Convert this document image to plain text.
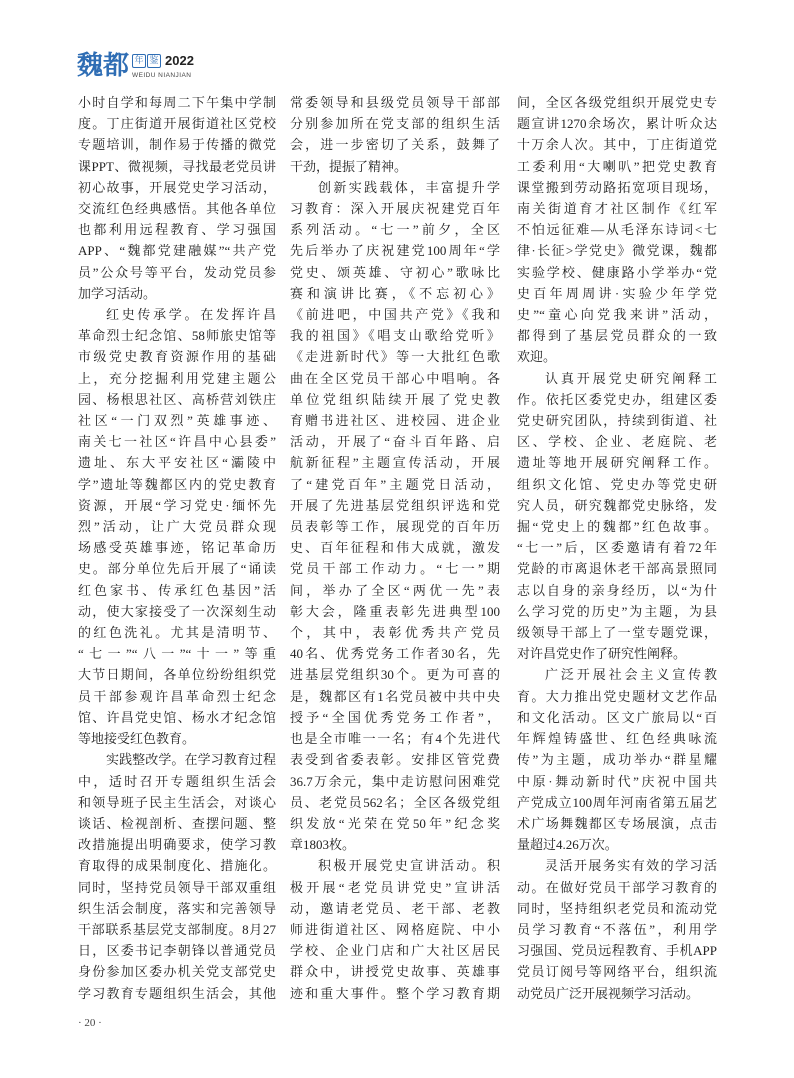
魏都 年 鉴 2022
WEIDU NIANJIAN
小时自学和每周二下午集中学制
度。丁庄街道开展街道社区党校
专题培训，制作易于传播的微党
课PPT、微视频，寻找最老党员讲
初心故事，开展党史学习活动，
交流红色经典感悟。其他各单位
也都利用远程教育、学习强国
APP、“魏都党建融媒”“共产党
员”公众号等平台，发动党员参
加学习活动。
红史传承学。在发挥许昌
革命烈士纪念馆、58师旅史馆等
市级党史教育资源作用的基础
上，充分挖掘利用党建主题公
园、杨根思社区、高桥营刘铁庄
社区“一门双烈”英雄事迹、
南关七一社区“许昌中心县委”
遗址、东大平安社区“灞陵中
学”遗址等魏都区内的党史教育
资源，开展“学习党史·缅怀先
烈”活动，让广大党员群众现
场感受英雄事迹，铭记革命历
史。部分单位先后开展了“诵读
红色家书、传承红色基因”活
动，使大家接受了一次深刻生动
的红色洗礼。尤其是清明节、
“七一”“八一”“十一”等重
大节日期间，各单位纷纷组织党
员干部参观许昌革命烈士纪念
馆、许昌党史馆、杨水才纪念馆
等地接受红色教育。
实践整改学。在学习教育过程
中，适时召开专题组织生活会
和领导班子民主生活会，对谈心
谈话、检视剖析、查摆问题、整
改措施提出明确要求，使学习教
育取得的成果制度化、措施化。
同时，坚持党员领导干部双重组
织生活会制度，落实和完善领导
干部联系基层党支部制度。8月27
日，区委书记李朝锋以普通党员
身份参加区委办机关党支部党史
学习教育专题组织生活会，其他
常委领导和县级党员领导干部部
分别参加所在党支部的组织生活
会，进一步密切了关系，鼓舞了
干劲，提振了精神。
创新实践载体，丰富提升学
习教育：深入开展庆祝建党百年
系列活动。“七一”前夕，全区
先后举办了庆祝建党100周年“学
党史、颂英雄、守初心”歌咏比
赛和演讲比赛，《不忘初心》
《前进吧，中国共产党》《我和
我的祖国》《唱支山歌给党听》
《走进新时代》等一大批红色歌
曲在全区党员干部心中唱响。各
单位党组织陆续开展了党史教
育赠书进社区、进校园、进企业
活动，开展了“奋斗百年路、启
航新征程”主题宣传活动，开展
了“建党百年”主题党日活动，
开展了先进基层党组织评选和党
员表彰等工作，展现党的百年历
史、百年征程和伟大成就，激发
党员干部工作动力。“七一”期
间，举办了全区“两优一先”表
彰大会，隆重表彰先进典型100
个，其中，表彰优秀共产党员
40名、优秀党务工作者30名，先
进基层党组织30个。更为可喜的
是，魏都区有1名党员被中共中央
授予“全国优秀党务工作者”，
也是全市唯一一名；有4个先进代
表受到省委表彰。安排区管党费
36.7万余元，集中走访慰问困难党
员、老党员562名；全区各级党组
织发放“光荣在党50年”纪念奖
章1803枚。
积极开展党史宣讲活动。积
极开展“老党员讲党史”宣讲活
动，邀请老党员、老干部、老教
师进街道社区、网格庭院、中小
学校、企业门店和广大社区居民
群众中，讲授党史故事、英雄事
迹和重大事件。整个学习教育期
间，全区各级党组织开展党史专
题宣讲1270余场次，累计听众达
十万余人次。其中，丁庄街道党
工委利用“大喇叭”把党史教育
课堂搬到劳动路拓宽项目现场，
南关街道育才社区制作《红军
不怕远征难—从毛泽东诗词<七
律·长征>学党史》微党课，魏都
实验学校、健康路小学举办“党
史百年周周讲·实验少年学党
史”“童心向党我来讲”活动，
都得到了基层党员群众的一致
欢迎。
认真开展党史研究阐释工
作。依托区委党史办，组建区委
党史研究团队，持续到街道、社
区、学校、企业、老庭院、老
遗址等地开展研究阐释工作。
组织文化馆、党史办等党史研
究人员，研究魏都党史脉络，发
掘“党史上的魏都”红色故事。
“七一”后，区委邀请有着72年
党龄的市离退休老干部高景照同
志以自身的亲身经历，以“为什
么学习党的历史”为主题，为县
级领导干部上了一堂专题党课，
对许昌党史作了研究性阐释。
广泛开展社会主义宣传教
育。大力推出党史题材文艺作品
和文化活动。区文广旅局以“百
年辉煌铸盛世、红色经典咏流
传”为主题，成功举办“群星耀
中原·舞动新时代”庆祝中国共
产党成立100周年河南省第五届艺
术广场舞魏都区专场展演，点击
量超过4.26万次。
灵活开展务实有效的学习活
动。在做好党员干部学习教育的
同时，坚持组织老党员和流动党
员学习教育“不落伍”，利用学
习强国、党员远程教育、手机APP
党员订阅号等网络平台，组织流
动党员广泛开展视频学习活动。
· 20 ·
